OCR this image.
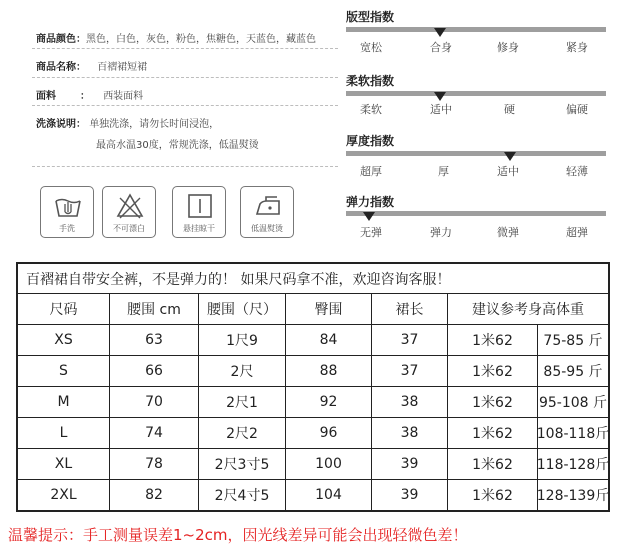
商品颜色：黑色，白色，灰色，粉色，焦糖色，天蓝色，藏蓝色
商品名称： 百褶裙短裙
面料 ： 西装面料
洗涤说明： 单独洗涤，请勿长时间浸泡，
最高水温30度，常规洗涤，低温熨烫
手洗	不可漂白	悬挂晾干	低温熨烫
版型指数
宽松	合身	修身	紧身
柔软指数
柔软	适中	硬	偏硬
厚度指数
超厚	厚	适中	轻薄
弹力指数
无弹	弹力	微弹	超弹
百褶裙自带安全裤，不是弹力的！ 如果尺码拿不准，欢迎咨询客服！
尺码	腰围 cm	腰围（尺）	臀围	裙长	建议参考身高体重
XS	63	1尺9	84	37	1米62	75-85 斤
S	66	2尺	88	37	1米62	85-95 斤
M	70	2尺1	92	38	1米62	95-108 斤
L	74	2尺2	96	38	1米62	108-118斤
XL	78	2尺3寸5	100	39	1米62	118-128斤
2XL	82	2尺4寸5	104	39	1米62	128-139斤
温馨提示：手工测量误差1~2cm，因光线差异可能会出现轻微色差！
